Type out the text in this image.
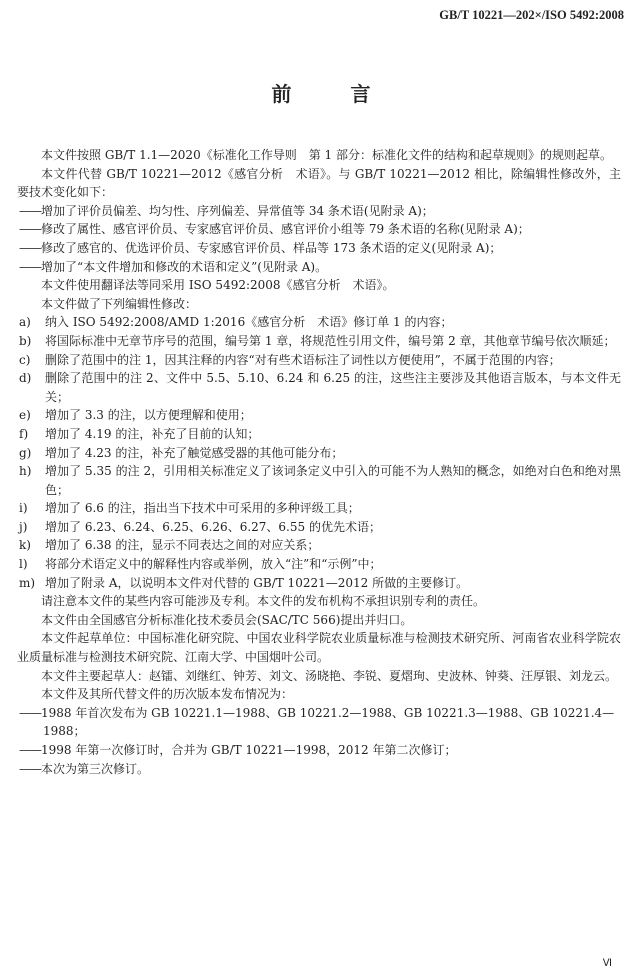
GB/T 10221—202×/ISO 5492:2008
前 言

本文件按照 GB/T 1.1—2020《标准化工作导则　第 1 部分：标准化文件的结构和起草规则》的规则起草。

本文件代替 GB/T 10221—2012《感官分析　术语》。与 GB/T 10221—2012 相比，除编辑性修改外，主要技术变化如下：

——增加了评价员偏差、均匀性、序列偏差、异常值等 34 条术语(见附录 A)；

——修改了属性、感官评价员、专家感官评价员、感官评价小组等 79 条术语的名称(见附录 A)；

——修改了感官的、优选评价员、专家感官评价员、样品等 173 条术语的定义(见附录 A)；

——增加了“本文件增加和修改的术语和定义”(见附录 A)。

本文件使用翻译法等同采用 ISO 5492:2008《感官分析　术语》。

本文件做了下列编辑性修改：

a)	纳入 ISO 5492:2008/AMD 1:2016《感官分析　术语》修订单 1 的内容；
b)	将国际标准中无章节序号的范围，编号第 1 章，将规范性引用文件，编号第 2 章，其他章节编号依次顺延；
c)	删除了范围中的注 1，因其注释的内容“对有些术语标注了词性以方便使用”，不属于范围的内容；
d)	删除了范围中的注 2、文件中 5.5、5.10、6.24 和 6.25 的注，这些注主要涉及其他语言版本，与本文件无关；
e)	增加了 3.3 的注，以方便理解和使用；
f)	增加了 4.19 的注，补充了目前的认知；
g)	增加了 4.23 的注，补充了触觉感受器的其他可能分布；
h)	增加了 5.35 的注 2，引用相关标准定义了该词条定义中引入的可能不为人熟知的概念，如绝对白色和绝对黑色；
i)	增加了 6.6 的注，指出当下技术中可采用的多种评级工具；
j)	增加了 6.23、6.24、6.25、6.26、6.27、6.55 的优先术语；
k)	增加了 6.38 的注，显示不同表达之间的对应关系；
l)	将部分术语定义中的解释性内容或举例，放入“注”和“示例”中；
m) 增加了附录 A，以说明本文件对代替的 GB/T 10221—2012 所做的主要修订。

请注意本文件的某些内容可能涉及专利。本文件的发布机构不承担识别专利的责任。

本文件由全国感官分析标准化技术委员会(SAC/TC 566)提出并归口。

本文件起草单位：中国标准化研究院、中国农业科学院农业质量标准与检测技术研究所、河南省农业科学院农业质量标准与检测技术研究院、江南大学、中国烟叶公司。

本文件主要起草人：赵镭、刘继红、钟芳、刘文、汤晓艳、李锐、夏熠珣、史波林、钟葵、汪厚银、刘龙云。

本文件及其所代替文件的历次版本发布情况为：

——1988 年首次发布为 GB 10221.1—1988、GB 10221.2—1988、GB 10221.3—1988、GB 10221.4—1988；

——1998 年第一次修订时，合并为 GB/T 10221—1998，2012 年第二次修订；

——本次为第三次修订。

Ⅵ
